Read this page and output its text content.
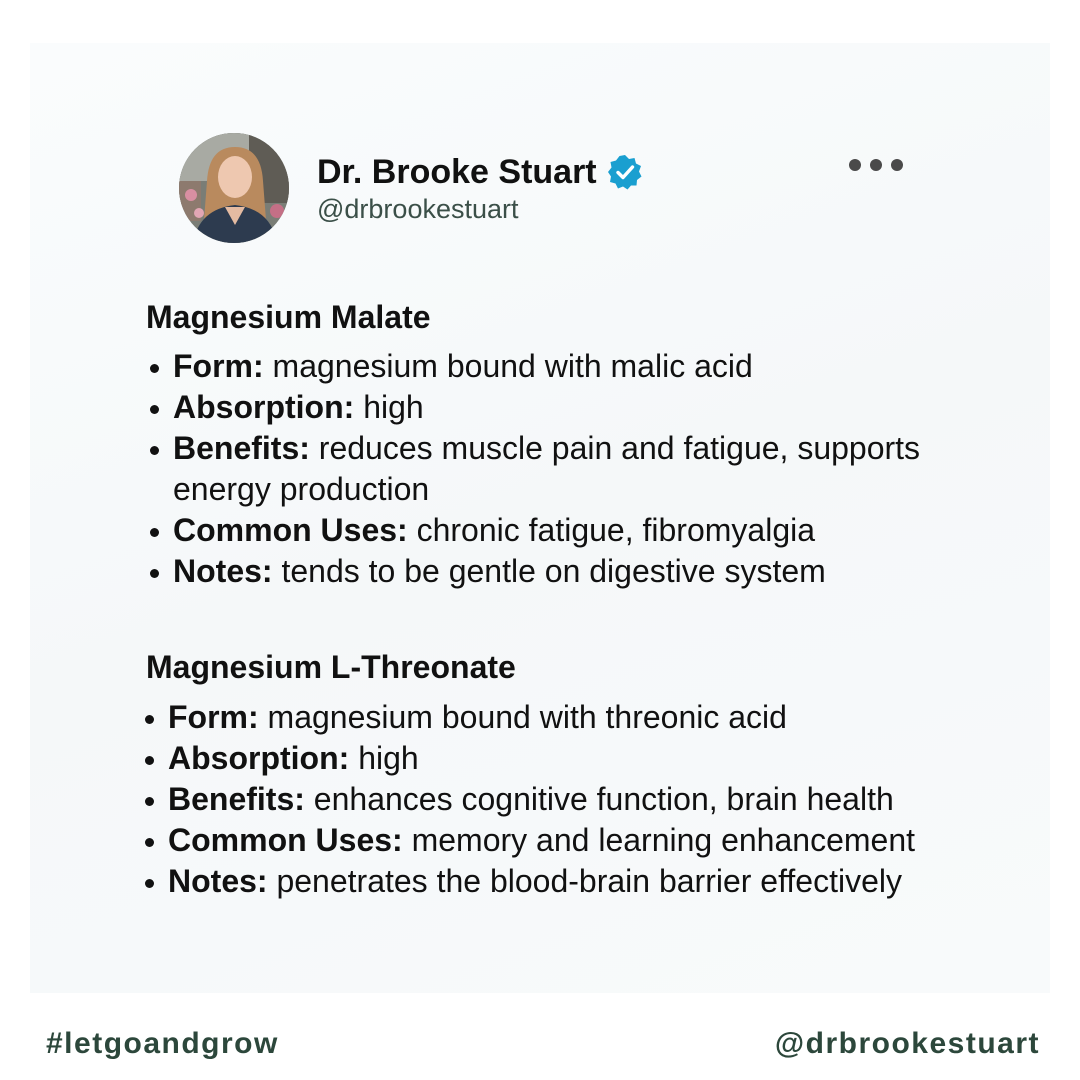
Dr. Brooke Stuart
@drbrookestuart
Magnesium Malate
Form: magnesium bound with malic acid
Absorption: high
Benefits: reduces muscle pain and fatigue, supports energy production
Common Uses: chronic fatigue, fibromyalgia
Notes: tends to be gentle on digestive system
Magnesium L-Threonate
Form: magnesium bound with threonic acid
Absorption: high
Benefits: enhances cognitive function, brain health
Common Uses: memory and learning enhancement
Notes: penetrates the blood-brain barrier effectively
#letgoandgrow	@drbrookestuart
